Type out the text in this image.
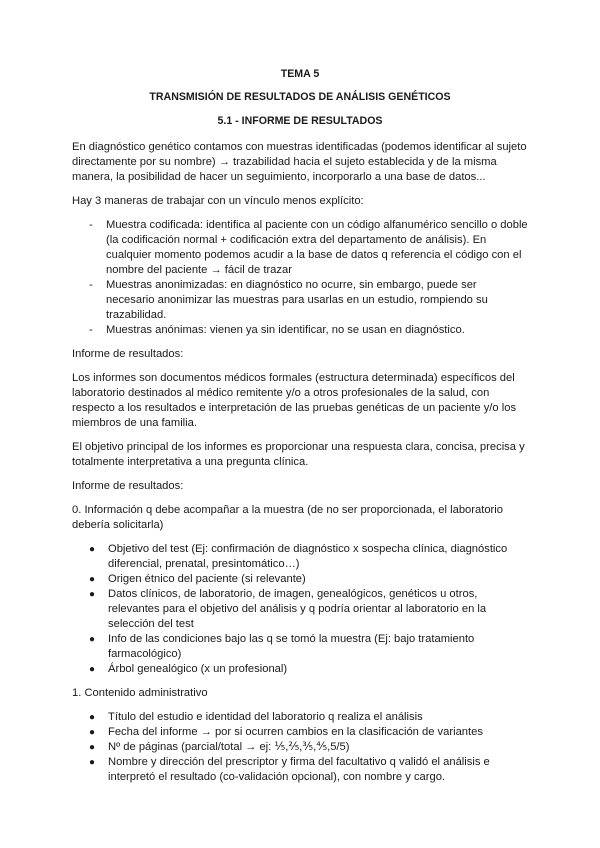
TEMA 5

TRANSMISIÓN DE RESULTADOS DE ANÁLISIS GENÉTICOS

5.1 - INFORME DE RESULTADOS

En diagnóstico genético contamos con muestras identificadas (podemos identificar al sujeto directamente por su nombre) → trazabilidad hacia el sujeto establecida y de la misma manera, la posibilidad de hacer un seguimiento, incorporarlo a una base de datos...

Hay 3 maneras de trabajar con un vínculo menos explícito:

- Muestra codificada: identifica al paciente con un código alfanumérico sencillo o doble (la codificación normal + codificación extra del departamento de análisis). En cualquier momento podemos acudir a la base de datos q referencia el código con el nombre del paciente → fácil de trazar
- Muestras anonimizadas: en diagnóstico no ocurre, sin embargo, puede ser necesario anonimizar las muestras para usarlas en un estudio, rompiendo su trazabilidad.
- Muestras anónimas: vienen ya sin identificar, no se usan en diagnóstico.

Informe de resultados:

Los informes son documentos médicos formales (estructura determinada) específicos del laboratorio destinados al médico remitente y/o a otros profesionales de la salud, con respecto a los resultados e interpretación de las pruebas genéticas de un paciente y/o los miembros de una familia.

El objetivo principal de los informes es proporcionar una respuesta clara, concisa, precisa y totalmente interpretativa a una pregunta clínica.

Informe de resultados:

0. Información q debe acompañar a la muestra (de no ser proporcionada, el laboratorio debería solicitarla)

● Objetivo del test (Ej: confirmación de diagnóstico x sospecha clínica, diagnóstico diferencial, prenatal, presintomático…)
● Origen étnico del paciente (si relevante)
● Datos clínicos, de laboratorio, de imagen, genealógicos, genéticos u otros, relevantes para el objetivo del análisis y q podría orientar al laboratorio en la selección del test
● Info de las condiciones bajo las q se tomó la muestra (Ej: bajo tratamiento farmacológico)
● Árbol genealógico (x un profesional)

1. Contenido administrativo

● Título del estudio e identidad del laboratorio q realiza el análisis
● Fecha del informe → por si ocurren cambios en la clasificación de variantes
● Nº de páginas (parcial/total → ej: ⅕,⅖,⅗,⅘,5/5)
● Nombre y dirección del prescriptor y firma del facultativo q validó el análisis e interpretó el resultado (co-validación opcional), con nombre y cargo.
